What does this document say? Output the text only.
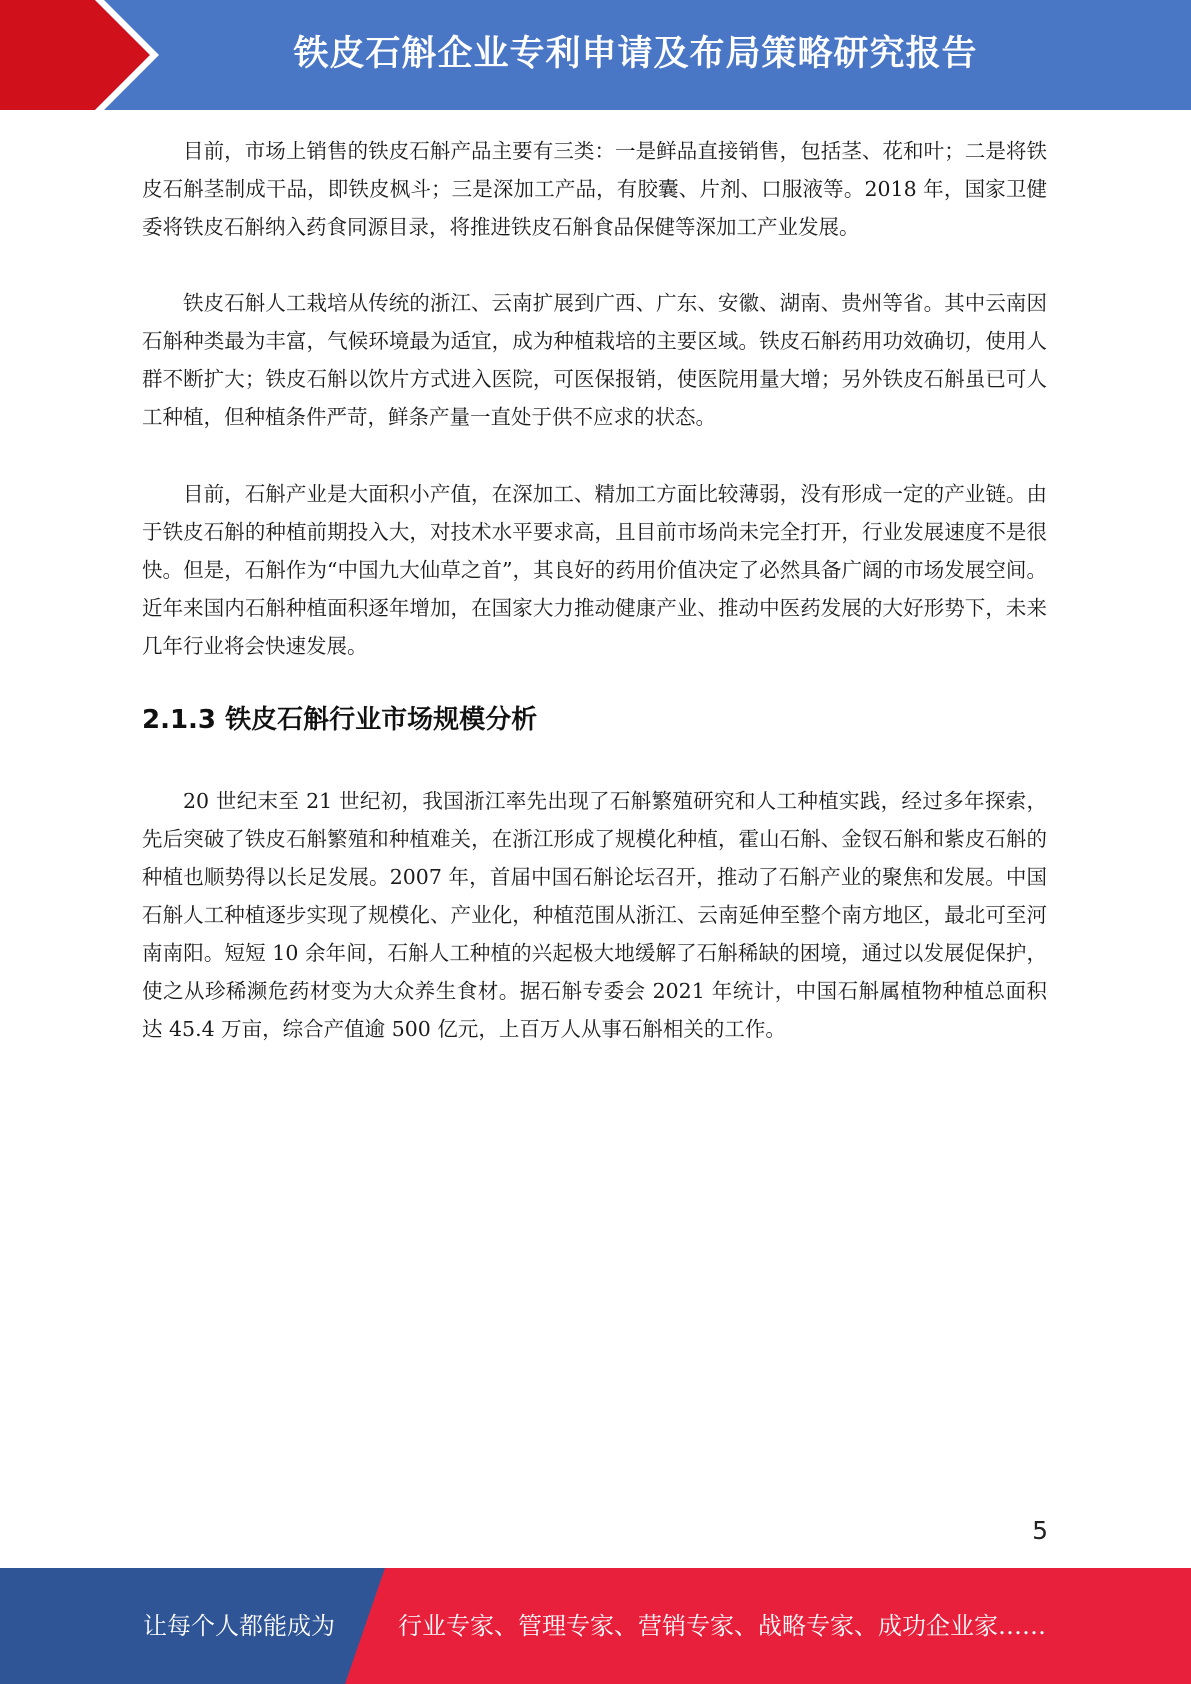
铁皮石斛企业专利申请及布局策略研究报告

目前，市场上销售的铁皮石斛产品主要有三类：一是鲜品直接销售，包括茎、花和叶；二是将铁皮石斛茎制成干品，即铁皮枫斗；三是深加工产品，有胶囊、片剂、口服液等。2018 年，国家卫健委将铁皮石斛纳入药食同源目录，将推进铁皮石斛食品保健等深加工产业发展。

铁皮石斛人工栽培从传统的浙江、云南扩展到广西、广东、安徽、湖南、贵州等省。其中云南因石斛种类最为丰富，气候环境最为适宜，成为种植栽培的主要区域。铁皮石斛药用功效确切，使用人群不断扩大；铁皮石斛以饮片方式进入医院，可医保报销，使医院用量大增；另外铁皮石斛虽已可人工种植，但种植条件严苛，鲜条产量一直处于供不应求的状态。

目前，石斛产业是大面积小产值，在深加工、精加工方面比较薄弱，没有形成一定的产业链。由于铁皮石斛的种植前期投入大，对技术水平要求高，且目前市场尚未完全打开，行业发展速度不是很快。但是，石斛作为“中国九大仙草之首”，其良好的药用价值决定了必然具备广阔的市场发展空间。近年来国内石斛种植面积逐年增加，在国家大力推动健康产业、推动中医药发展的大好形势下，未来几年行业将会快速发展。

2.1.3 铁皮石斛行业市场规模分析

20 世纪末至 21 世纪初，我国浙江率先出现了石斛繁殖研究和人工种植实践，经过多年探索，先后突破了铁皮石斛繁殖和种植难关，在浙江形成了规模化种植，霍山石斛、金钗石斛和紫皮石斛的种植也顺势得以长足发展。2007 年，首届中国石斛论坛召开，推动了石斛产业的聚焦和发展。中国石斛人工种植逐步实现了规模化、产业化，种植范围从浙江、云南延伸至整个南方地区，最北可至河南南阳。短短 10 余年间，石斛人工种植的兴起极大地缓解了石斛稀缺的困境，通过以发展促保护，使之从珍稀濒危药材变为大众养生食材。据石斛专委会 2021 年统计，中国石斛属植物种植总面积达 45.4 万亩，综合产值逾 500 亿元，上百万人从事石斛相关的工作。

5
让每个人都能成为	行业专家、管理专家、营销专家、战略专家、成功企业家……
